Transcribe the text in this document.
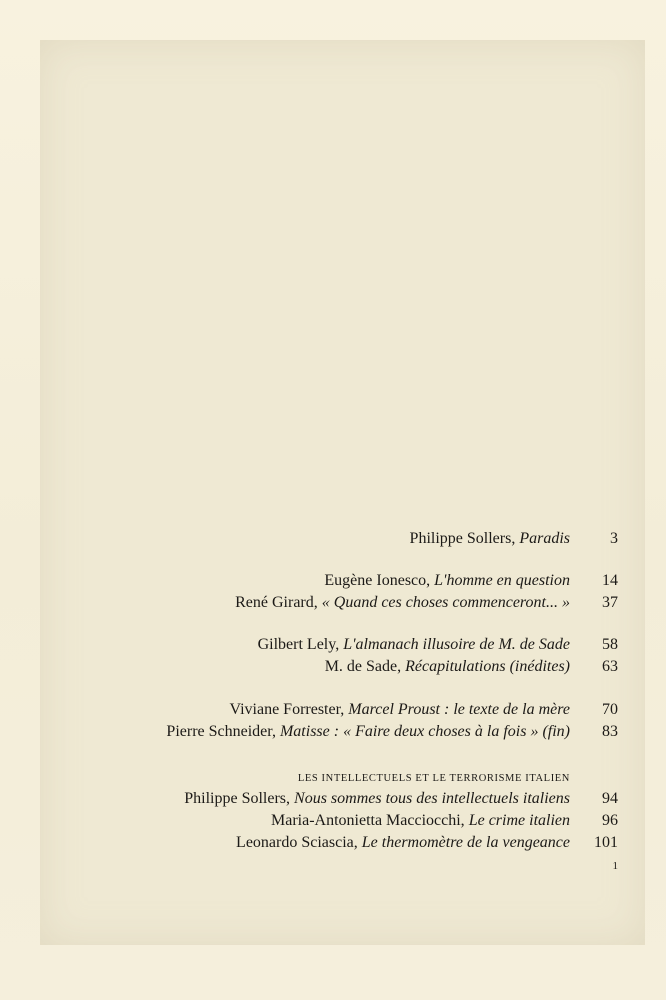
Philippe Sollers, Paradis	3
Eugène Ionesco, L'homme en question	14
René Girard, « Quand ces choses commenceront... »	37
Gilbert Lely, L'almanach illusoire de M. de Sade	58
M. de Sade, Récapitulations (inédites)	63
Viviane Forrester, Marcel Proust : le texte de la mère	70
Pierre Schneider, Matisse : « Faire deux choses à la fois » (fin)	83
LES INTELLECTUELS ET LE TERRORISME ITALIEN
Philippe Sollers, Nous sommes tous des intellectuels italiens	94
Maria-Antonietta Macciocchi, Le crime italien	96
Leonardo Sciascia, Le thermomètre de la vengeance	101
1
